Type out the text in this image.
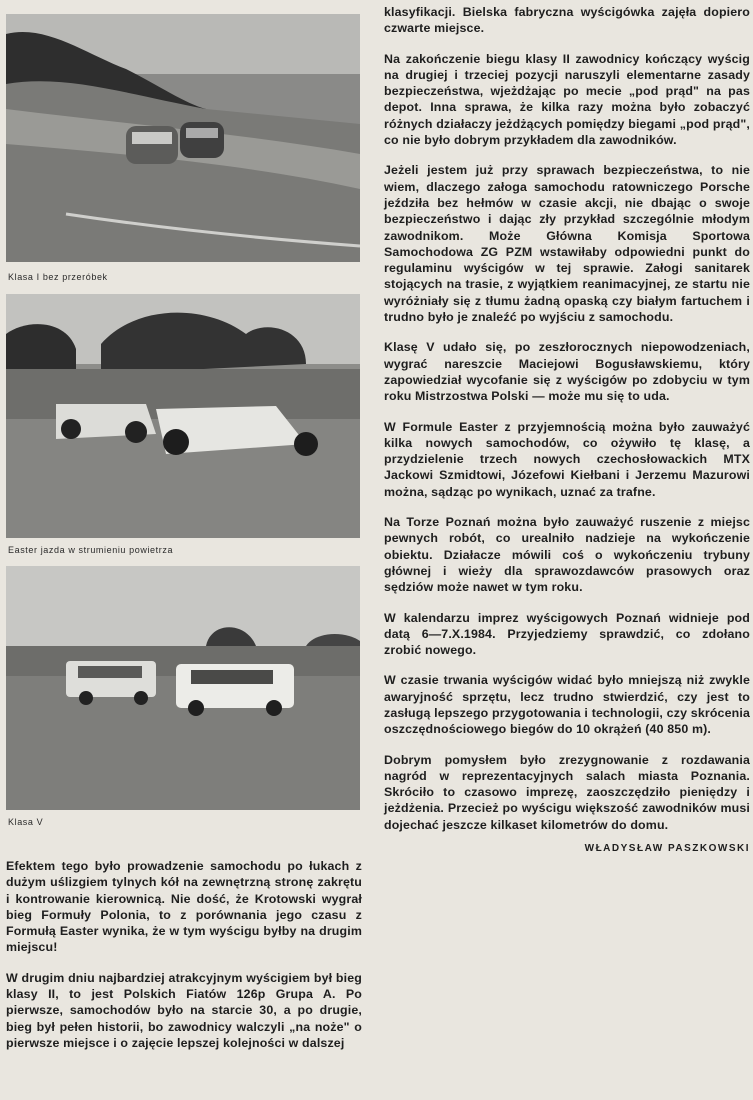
Klasa I bez przeróbek
Easter jazda w strumieniu powietrza
Klasa V

Efektem tego było prowadzenie samochodu po łukach z dużym uślizgiem tylnych kół na zewnętrzną stronę zakrętu i kontrowanie kierownicą. Nie dość, że Krotowski wygrał bieg Formuły Polonia, to z porównania jego czasu z Formułą Easter wynika, że w tym wyścigu byłby na drugim miejscu!

W drugim dniu najbardziej atrakcyjnym wyścigiem był bieg klasy II, to jest Polskich Fiatów 126p Grupa A. Po pierwsze, samochodów było na starcie 30, a po drugie, bieg był pełen historii, bo zawodnicy walczyli „na noże" o pierwsze miejsce i o zajęcie lepszej kolejności w dalszej

klasyfikacji. Bielska fabryczna wyścigówka zajęła dopiero czwarte miejsce.

Na zakończenie biegu klasy II zawodnicy kończący wyścig na drugiej i trzeciej pozycji naruszyli elementarne zasady bezpieczeństwa, wjeżdżając po mecie „pod prąd" na pas depot. Inna sprawa, że kilka razy można było zobaczyć różnych działaczy jeżdżących pomiędzy biegami „pod prąd", co nie było dobrym przykładem dla zawodników.

Jeżeli jestem już przy sprawach bezpieczeństwa, to nie wiem, dlaczego załoga samochodu ratowniczego Porsche jeździła bez hełmów w czasie akcji, nie dbając o swoje bezpieczeństwo i dając zły przykład szczególnie młodym zawodnikom. Może Główna Komisja Sportowa Samochodowa ZG PZM wstawiłaby odpowiedni punkt do regulaminu wyścigów w tej sprawie. Załogi sanitarek stojących na trasie, z wyjątkiem reanimacyjnej, ze startu nie wyróżniały się z tłumu żadną opaską czy białym fartuchem i trudno było je znaleźć po wyjściu z samochodu.

Klasę V udało się, po zeszłorocznych niepowodzeniach, wygrać nareszcie Maciejowi Bogusławskiemu, który zapowiedział wycofanie się z wyścigów po zdobyciu w tym roku Mistrzostwa Polski — może mu się to uda.

W Formule Easter z przyjemnością można było zauważyć kilka nowych samochodów, co ożywiło tę klasę, a przydzielenie trzech nowych czechosłowackich MTX Jackowi Szmidtowi, Józefowi Kiełbani i Jerzemu Mazurowi można, sądząc po wynikach, uznać za trafne.

Na Torze Poznań można było zauważyć ruszenie z miejsc pewnych robót, co urealniło nadzieje na wykończenie obiektu. Działacze mówili coś o wykończeniu trybuny głównej i wieży dla sprawozdawców prasowych oraz sędziów może nawet w tym roku.

W kalendarzu imprez wyścigowych Poznań widnieje pod datą 6—7.X.1984. Przyjedziemy sprawdzić, co zdołano zrobić nowego.

W czasie trwania wyścigów widać było mniejszą niż zwykle awaryjność sprzętu, lecz trudno stwierdzić, czy jest to zasługą lepszego przygotowania i technologii, czy skrócenia oszczędnościowego biegów do 10 okrążeń (40 850 m).

Dobrym pomysłem było zrezygnowanie z rozdawania nagród w reprezentacyjnych salach miasta Poznania. Skróciło to czasowo imprezę, zaoszczędziło pieniędzy i jeżdżenia. Przecież po wyścigu większość zawodników musi dojechać jeszcze kilkaset kilometrów do domu.

WŁADYSŁAW PASZKOWSKI
